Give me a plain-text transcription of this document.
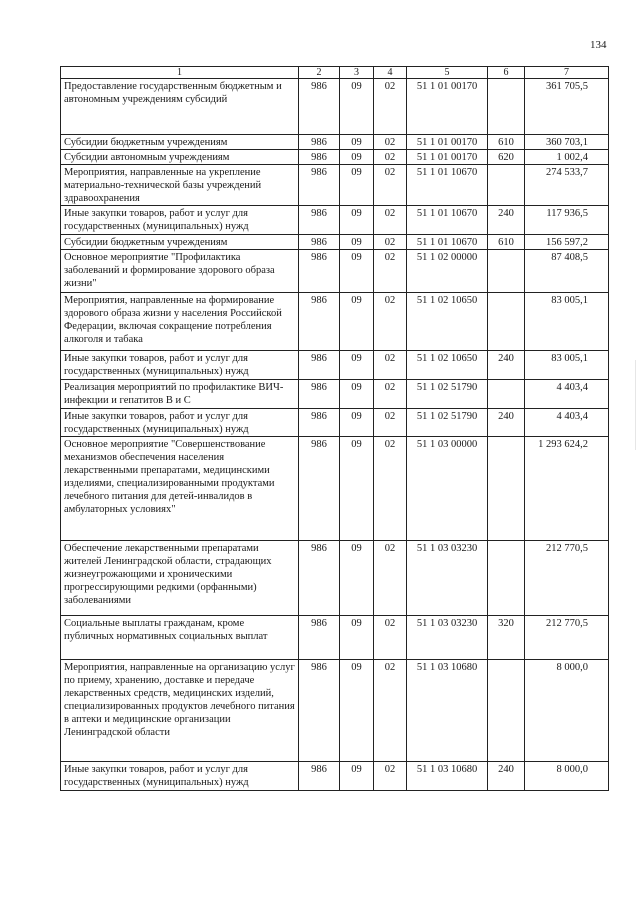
134
1	2	3	4	5	6	7
Предоставление государственным бюджетным и автономным учреждениям субсидий	986	09	02	51 1 01 00170		361 705,5
Субсидии бюджетным учреждениям	986	09	02	51 1 01 00170	610	360 703,1
Субсидии автономным учреждениям	986	09	02	51 1 01 00170	620	1 002,4
Мероприятия, направленные на укрепление материально-технической базы учреждений здравоохранения	986	09	02	51 1 01 10670		274 533,7
Иные закупки товаров, работ и услуг для государственных (муниципальных) нужд	986	09	02	51 1 01 10670	240	117 936,5
Субсидии бюджетным учреждениям	986	09	02	51 1 01 10670	610	156 597,2
Основное мероприятие "Профилактика заболеваний и формирование здорового образа жизни"	986	09	02	51 1 02 00000		87 408,5
Мероприятия, направленные на формирование здорового образа жизни у населения Российской Федерации, включая сокращение потребления алкоголя и табака	986	09	02	51 1 02 10650		83 005,1
Иные закупки товаров, работ и услуг для государственных (муниципальных) нужд	986	09	02	51 1 02 10650	240	83 005,1
Реализация мероприятий по профилактике ВИЧ-инфекции и гепатитов В и С	986	09	02	51 1 02 51790		4 403,4
Иные закупки товаров, работ и услуг для государственных (муниципальных) нужд	986	09	02	51 1 02 51790	240	4 403,4
Основное мероприятие "Совершенствование механизмов обеспечения населения лекарственными препаратами, медицинскими изделиями, специализированными продуктами лечебного питания для детей-инвалидов в амбулаторных условиях"	986	09	02	51 1 03 00000		1 293 624,2
Обеспечение лекарственными препаратами жителей Ленинградской области, страдающих жизнеугрожающими и хроническими прогрессирующими редкими (орфанными) заболеваниями	986	09	02	51 1 03 03230		212 770,5
Социальные выплаты гражданам, кроме публичных нормативных социальных выплат	986	09	02	51 1 03 03230	320	212 770,5
Мероприятия, направленные на организацию услуг по приему, хранению, доставке и передаче лекарственных средств, медицинских изделий, специализированных продуктов лечебного питания в аптеки и медицинские организации Ленинградской области	986	09	02	51 1 03 10680		8 000,0
Иные закупки товаров, работ и услуг для государственных (муниципальных) нужд	986	09	02	51 1 03 10680	240	8 000,0
